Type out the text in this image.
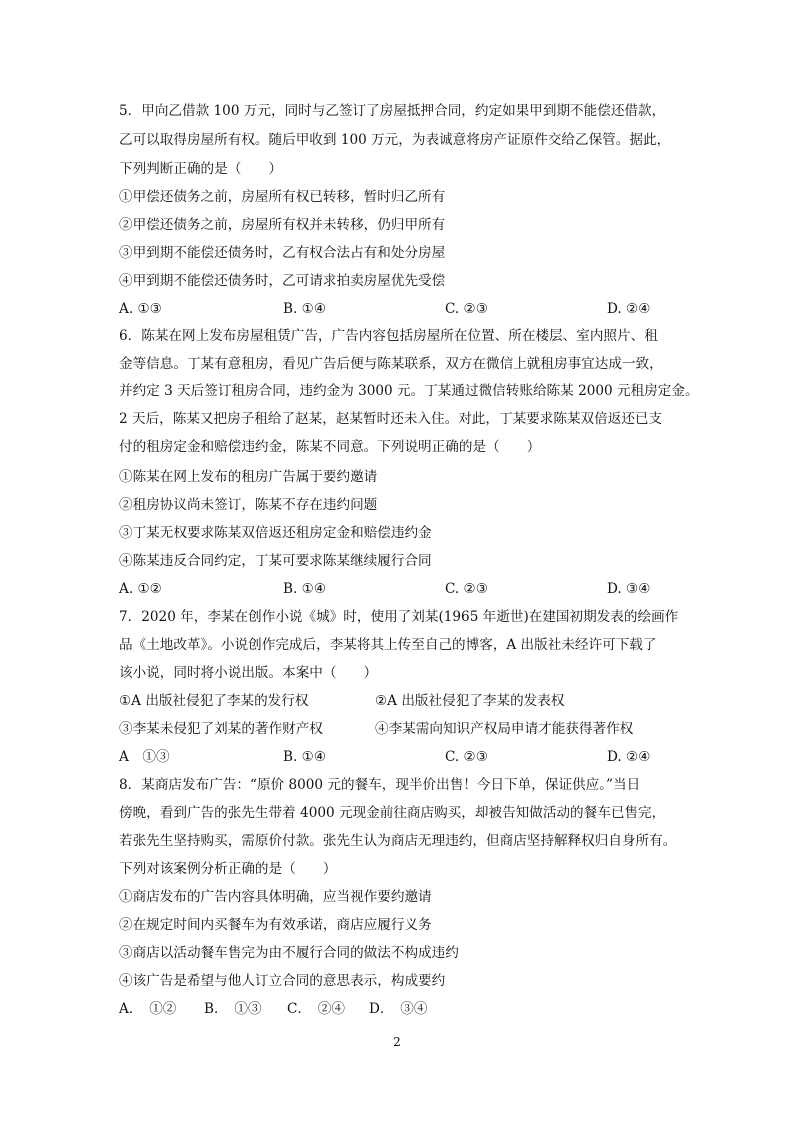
5．甲向乙借款 100 万元，同时与乙签订了房屋抵押合同，约定如果甲到期不能偿还借款，
乙可以取得房屋所有权。随后甲收到 100 万元，为表诚意将房产证原件交给乙保管。据此，
下列判断正确的是（　　）
①甲偿还债务之前，房屋所有权已转移，暂时归乙所有
②甲偿还债务之前，房屋所有权并未转移，仍归甲所有
③甲到期不能偿还债务时，乙有权合法占有和处分房屋
④甲到期不能偿还债务时，乙可请求拍卖房屋优先受偿
A. ①③	B. ①④	C. ②③	D. ②④
6．陈某在网上发布房屋租赁广告，广告内容包括房屋所在位置、所在楼层、室内照片、租
金等信息。丁某有意租房，看见广告后便与陈某联系，双方在微信上就租房事宜达成一致，
并约定 3 天后签订租房合同，违约金为 3000 元。丁某通过微信转账给陈某 2000 元租房定金。
2 天后，陈某又把房子租给了赵某，赵某暂时还未入住。对此，丁某要求陈某双倍返还已支
付的租房定金和赔偿违约金，陈某不同意。下列说明正确的是（　　）
①陈某在网上发布的租房广告属于要约邀请
②租房协议尚未签订，陈某不存在违约问题
③丁某无权要求陈某双倍返还租房定金和赔偿违约金
④陈某违反合同约定，丁某可要求陈某继续履行合同
A. ①②	B. ①④	C. ②③	D. ③④
7．2020 年，李某在创作小说《城》时，使用了刘某(1965 年逝世)在建国初期发表的绘画作
品《土地改革》。小说创作完成后，李某将其上传至自己的博客，A 出版社未经许可下载了
该小说，同时将小说出版。本案中（　　）
①A 出版社侵犯了李某的发行权	②A 出版社侵犯了李某的发表权
③李某未侵犯了刘某的著作财产权	④李某需向知识产权局申请才能获得著作权
A　①③	B. ①④	C. ②③	D. ②④
8．某商店发布广告：“原价 8000 元的餐车，现半价出售！今日下单，保证供应。”当日
傍晚，看到广告的张先生带着 4000 元现金前往商店购买，却被告知做活动的餐车已售完，
若张先生坚持购买，需原价付款。张先生认为商店无理违约，但商店坚持解释权归自身所有。
下列对该案例分析正确的是（　　）
①商店发布的广告内容具体明确，应当视作要约邀请
②在规定时间内买餐车为有效承诺，商店应履行义务
③商店以活动餐车售完为由不履行合同的做法不构成违约
④该广告是希望与他人订立合同的意思表示，构成要约
A．　①② B．　①③ C．　②④ D．　③④
2
